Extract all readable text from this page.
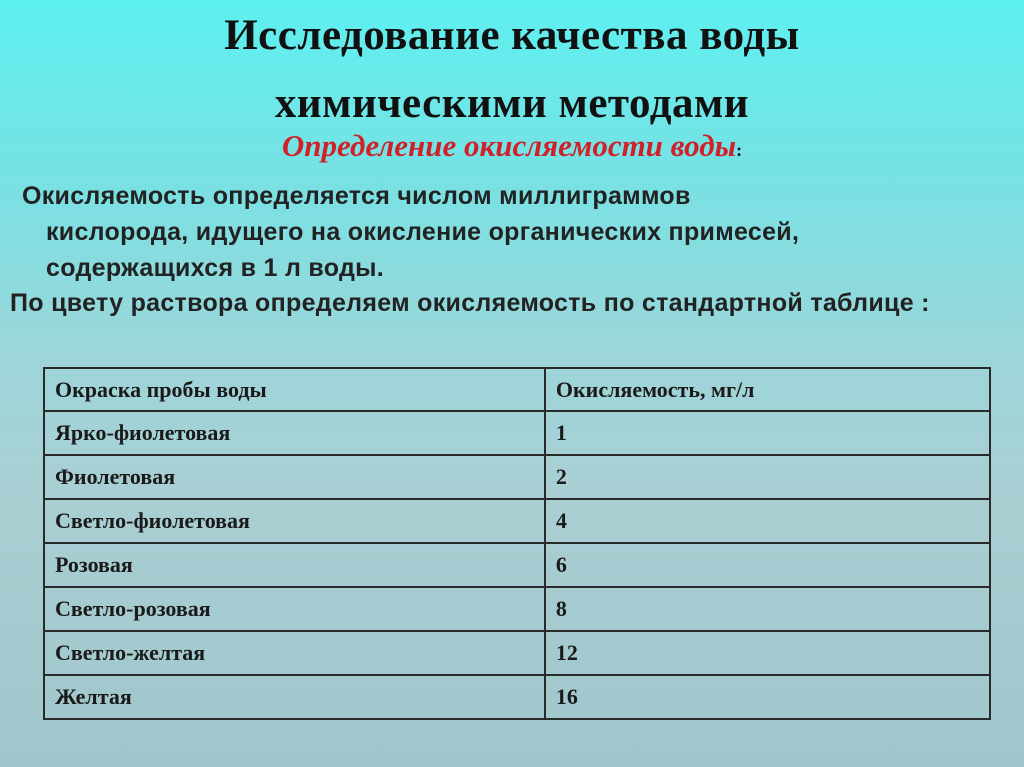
Исследование качества воды
химическими методами
Определение окисляемости воды:
Окисляемость определяется числом миллиграммов
кислорода, идущего на окисление органических примесей,
содержащихся в 1 л воды.
По цвету раствора определяем окисляемость по стандартной таблице :
Окраска пробы воды	Окисляемость, мг/л
Ярко-фиолетовая	1
Фиолетовая	2
Светло-фиолетовая	4
Розовая	6
Светло-розовая	8
Светло-желтая	12
Желтая	16
